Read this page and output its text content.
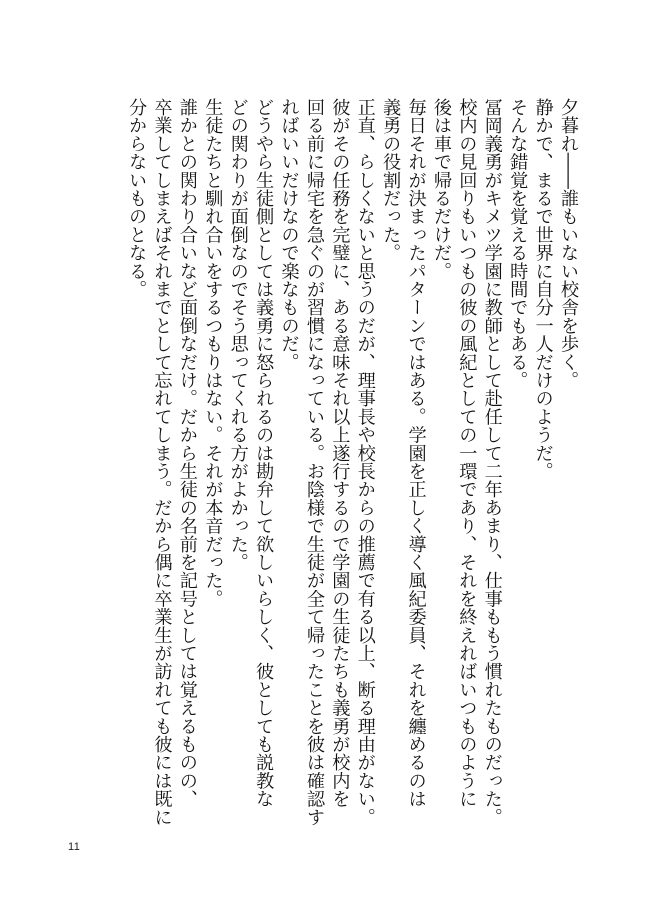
夕暮れ――誰もいない校舎を歩く。
静かで、まるで世界に自分一人だけのようだ。
そんな錯覚を覚える時間でもある。
冨岡義勇がキメツ学園に教師として赴任して二年あまり、仕事ももう慣れたものだった。
校内の見回りもいつもの彼の風紀としての一環であり、それを終えればいつものように
後は車で帰るだけだ。
毎日それが決まったパターンではある。学園を正しく導く風紀委員、それを纏めるのは
義勇の役割だった。
正直、らしくないと思うのだが、理事長や校長からの推薦で有る以上、断る理由がない。
彼がその任務を完璧に、ある意味それ以上遂行するので学園の生徒たちも義勇が校内を
回る前に帰宅を急ぐのが習慣になっている。お陰様で生徒が全て帰ったことを彼は確認す
ればいいだけなので楽なものだ。
どうやら生徒側としては義勇に怒られるのは勘弁して欲しいらしく、彼としても説教な
どの関わりが面倒なのでそう思ってくれる方がよかった。
生徒たちと馴れ合いをするつもりはない。それが本音だった。
誰かとの関わり合いなど面倒なだけ。だから生徒の名前を記号としては覚えるものの、
卒業してしまえばそれまでとして忘れてしまう。だから偶に卒業生が訪れても彼には既に
分からないものとなる。
11
